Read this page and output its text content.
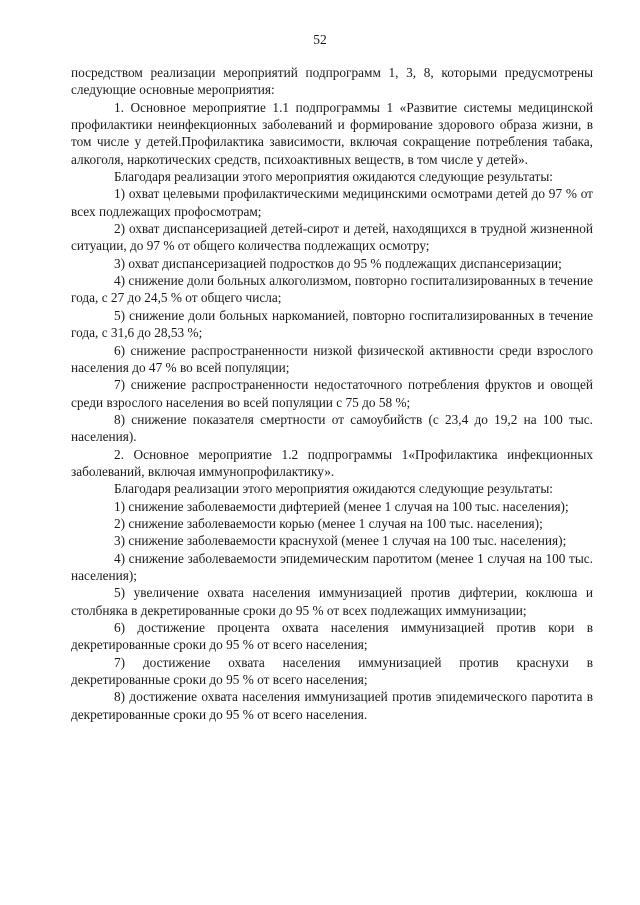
52

посредством реализации мероприятий подпрограмм 1, 3, 8, которыми предусмотрены следующие основные мероприятия:

1. Основное мероприятие 1.1 подпрограммы 1 «Развитие системы медицинской профилактики неинфекционных заболеваний и формирование здорового образа жизни, в том числе у детей.Профилактика зависимости, включая сокращение потребления табака, алкоголя, наркотических средств, психоактивных веществ, в том числе у детей».

Благодаря реализации этого мероприятия ожидаются следующие результаты:

1) охват целевыми профилактическими медицинскими осмотрами детей до 97 % от всех подлежащих профосмотрам;

2) охват диспансеризацией детей-сирот и детей, находящихся в трудной жизненной ситуации, до 97 % от общего количества подлежащих осмотру;

3) охват диспансеризацией подростков до 95 % подлежащих диспансеризации;

4) снижение доли больных алкоголизмом, повторно госпитализированных в течение года, с 27 до 24,5 % от общего числа;

5) снижение доли больных наркоманией, повторно госпитализированных в течение года, с 31,6 до 28,53 %;

6) снижение распространенности низкой физической активности среди взрослого населения до 47 % во всей популяции;

7) снижение распространенности недостаточного потребления фруктов и овощей среди взрослого населения во всей популяции с 75 до 58 %;

8) снижение показателя смертности от самоубийств (с 23,4 до 19,2 на 100 тыс. населения).

2. Основное мероприятие 1.2 подпрограммы 1«Профилактика инфекционных заболеваний, включая иммунопрофилактику».

Благодаря реализации этого мероприятия ожидаются следующие результаты:

1) снижение заболеваемости дифтерией (менее 1 случая на 100 тыс. населения);

2) снижение заболеваемости корью (менее 1 случая на 100 тыс. населения);

3) снижение заболеваемости краснухой (менее 1 случая на 100 тыс. населения);

4) снижение заболеваемости эпидемическим паротитом (менее 1 случая на 100 тыс. населения);

5) увеличение охвата населения иммунизацией против дифтерии, коклюша и столбняка в декретированные сроки до 95 % от всех подлежащих иммунизации;

6) достижение процента охвата населения иммунизацией против кори в декретированные сроки до 95 % от всего населения;

7) достижение охвата населения иммунизацией против краснухи в декретированные сроки до 95 % от всего населения;

8) достижение охвата населения иммунизацией против эпидемического паротита в декретированные сроки до 95 % от всего населения.
